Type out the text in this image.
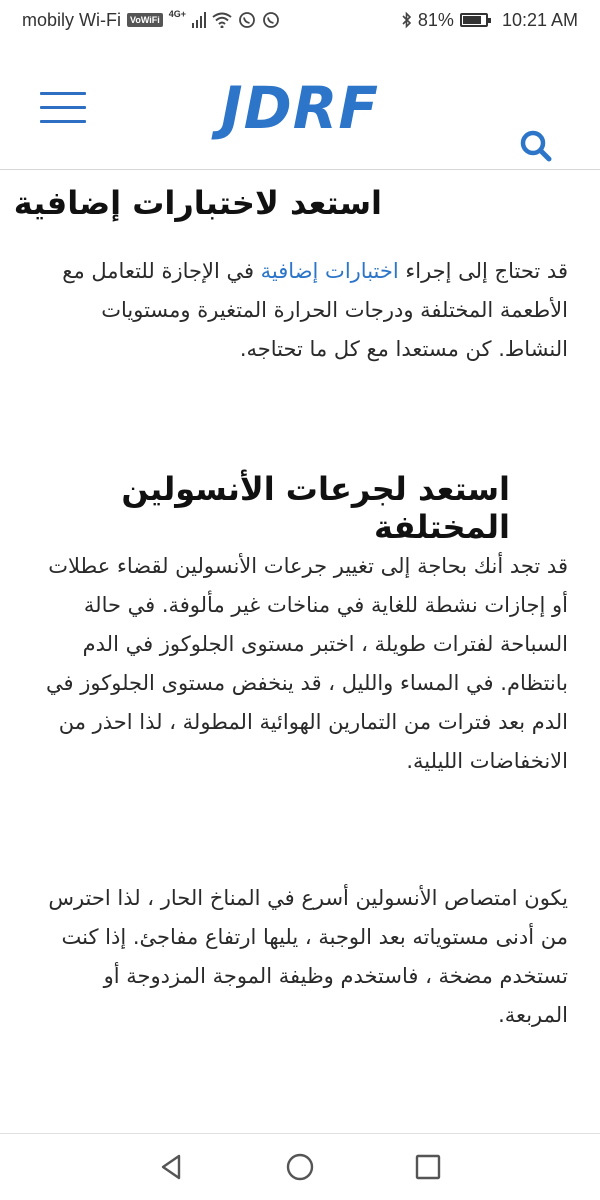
mobily Wi-Fi	VoWiFi
4G+	81%	10:21 AM
JDRF
استعد لاختبارات إضافية

قد تحتاج إلى إجراء اختبارات إضافية في الإجازة للتعامل مع الأطعمة المختلفة ودرجات الحرارة المتغيرة ومستويات النشاط. كن مستعدا مع كل ما تحتاجه.

استعد لجرعات الأنسولين المختلفة

قد تجد أنك بحاجة إلى تغيير جرعات الأنسولين لقضاء عطلات أو إجازات نشطة للغاية في مناخات غير مألوفة. في حالة السباحة لفترات طويلة ، اختبر مستوى الجلوكوز في الدم بانتظام. في المساء والليل ، قد ينخفض مستوى الجلوكوز في الدم بعد فترات من التمارين الهوائية المطولة ، لذا احذر من الانخفاضات الليلية.

يكون امتصاص الأنسولين أسرع في المناخ الحار ، لذا احترس من أدنى مستوياته بعد الوجبة ، يليها ارتفاع مفاجئ. إذا كنت تستخدم مضخة ، فاستخدم وظيفة الموجة المزدوجة أو المربعة.
